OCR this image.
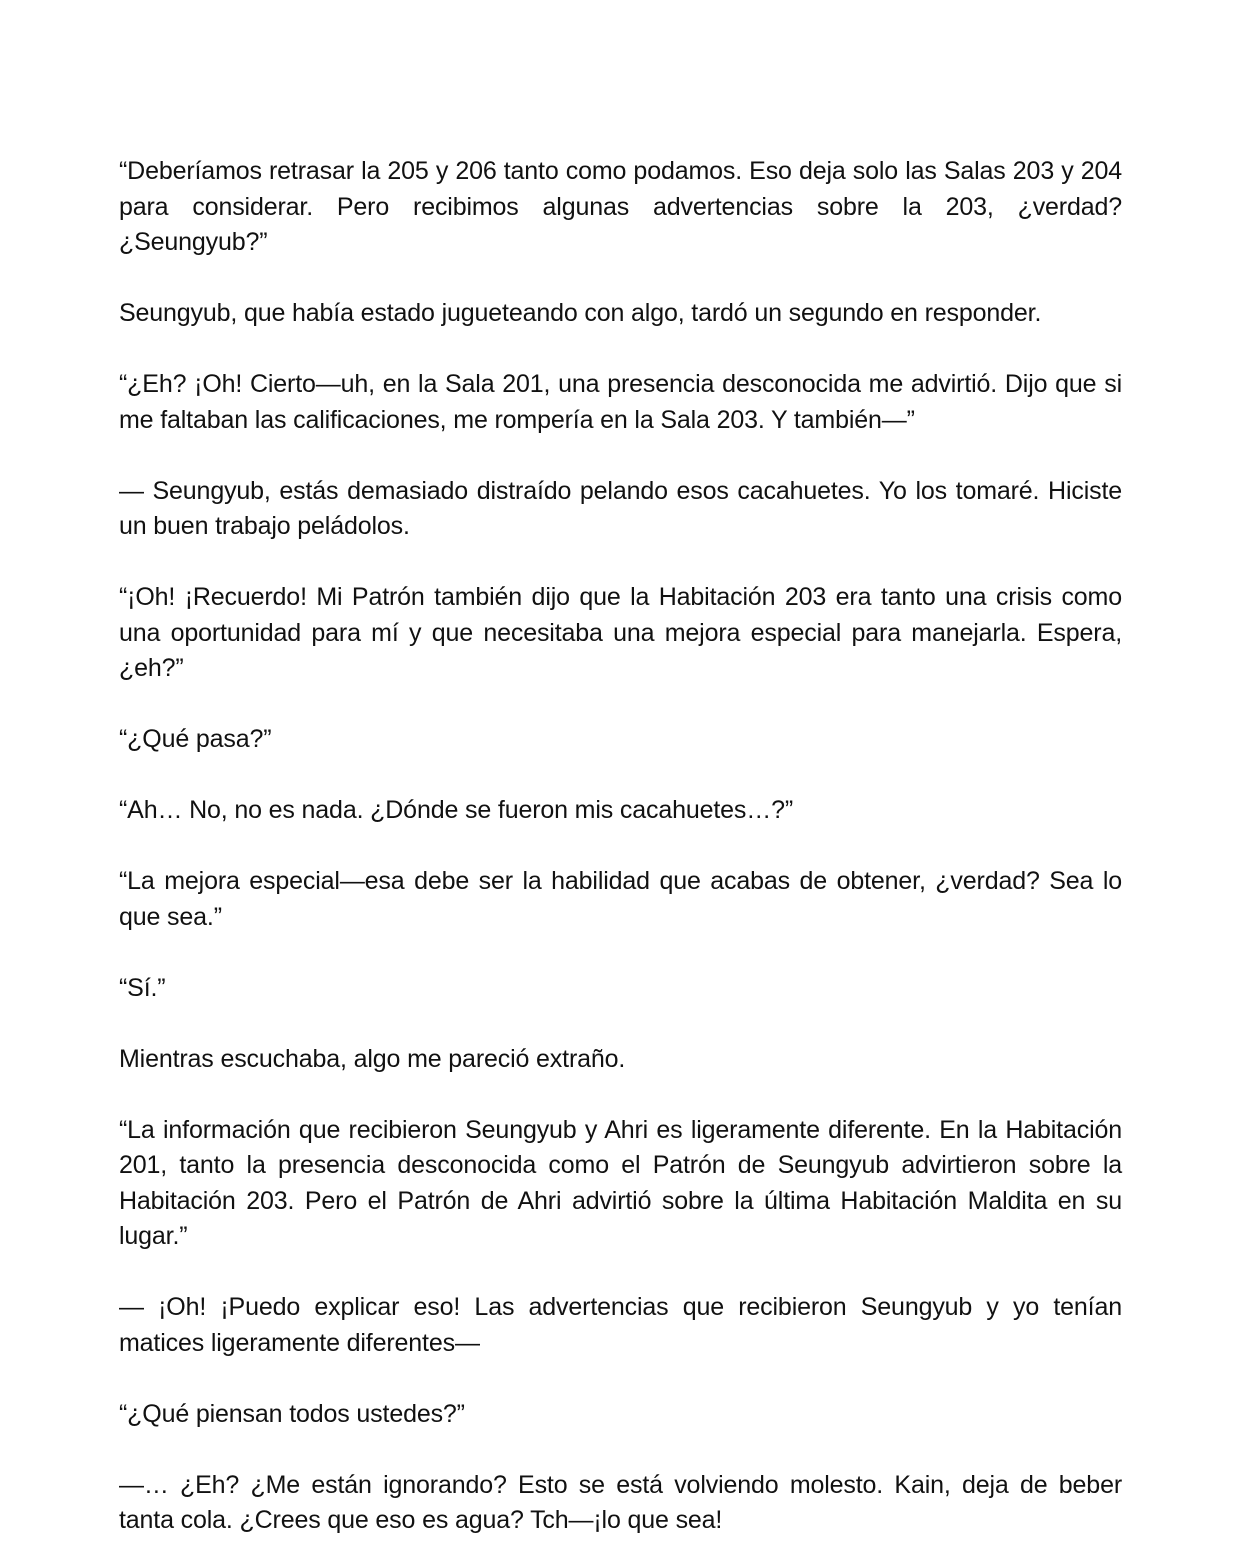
“Deberíamos retrasar la 205 y 206 tanto como podamos. Eso deja solo las Salas 203 y 204 para considerar. Pero recibimos algunas advertencias sobre la 203, ¿verdad? ¿Seungyub?”

Seungyub, que había estado jugueteando con algo, tardó un segundo en responder.

“¿Eh? ¡Oh! Cierto—uh, en la Sala 201, una presencia desconocida me advirtió. Dijo que si me faltaban las calificaciones, me rompería en la Sala 203. Y también—”

— Seungyub, estás demasiado distraído pelando esos cacahuetes. Yo los tomaré. Hiciste un buen trabajo peládolos.

“¡Oh! ¡Recuerdo! Mi Patrón también dijo que la Habitación 203 era tanto una crisis como una oportunidad para mí y que necesitaba una mejora especial para manejarla. Espera, ¿eh?”

“¿Qué pasa?”

“Ah… No, no es nada. ¿Dónde se fueron mis cacahuetes…?”

“La mejora especial—esa debe ser la habilidad que acabas de obtener, ¿verdad? Sea lo que sea.”

“Sí.”

Mientras escuchaba, algo me pareció extraño.

“La información que recibieron Seungyub y Ahri es ligeramente diferente. En la Habitación 201, tanto la presencia desconocida como el Patrón de Seungyub advirtieron sobre la Habitación 203. Pero el Patrón de Ahri advirtió sobre la última Habitación Maldita en su lugar.”

— ¡Oh! ¡Puedo explicar eso! Las advertencias que recibieron Seungyub y yo tenían matices ligeramente diferentes—

“¿Qué piensan todos ustedes?”

—… ¿Eh? ¿Me están ignorando? Esto se está volviendo molesto. Kain, deja de beber tanta cola. ¿Crees que eso es agua? Tch—¡lo que sea!
